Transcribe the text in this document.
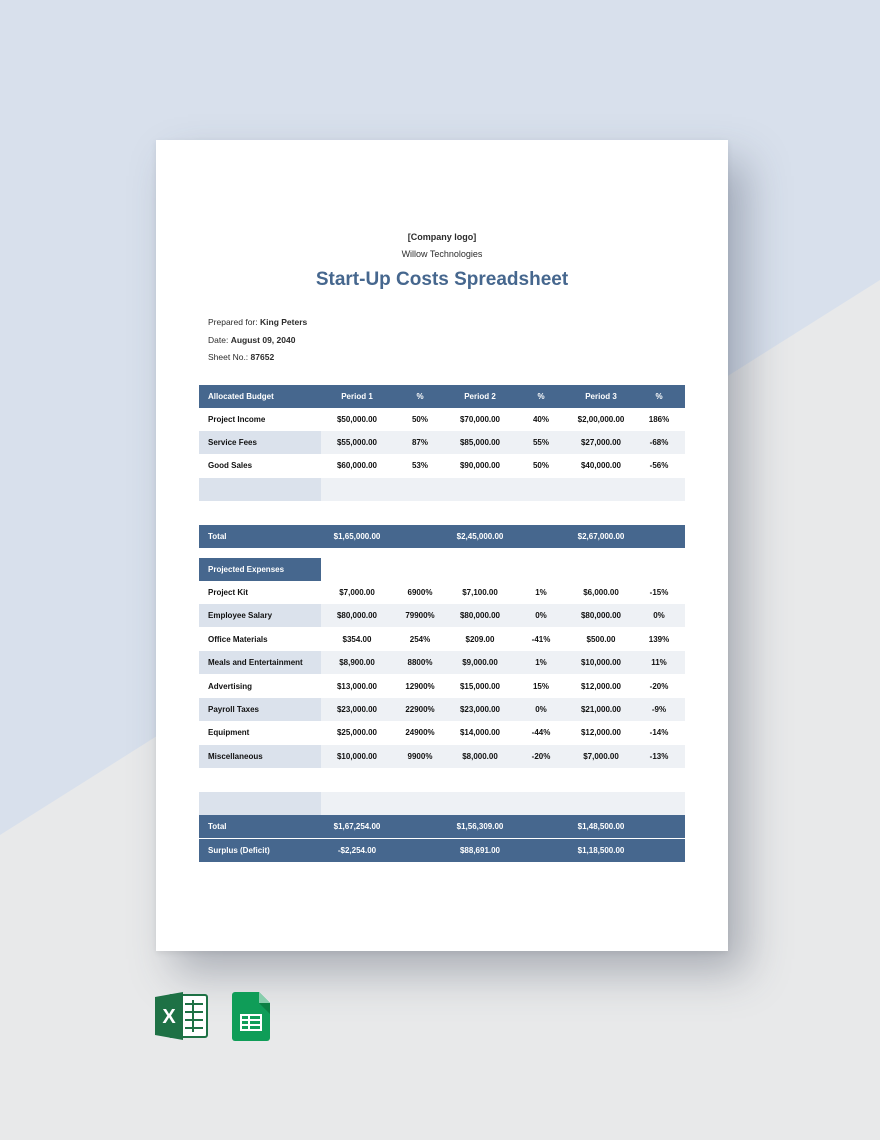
[Company logo]
Willow Technologies
Start-Up Costs Spreadsheet
Prepared for: King Peters
Date: August 09, 2040
Sheet No.: 87652
Allocated Budget	Period 1	%	Period 2	%	Period 3	%
Project Income	$50,000.00	50%	$70,000.00	40%	$2,00,000.00	186%
Service Fees	$55,000.00	87%	$85,000.00	55%	$27,000.00	-68%
Good Sales	$60,000.00	53%	$90,000.00	50%	$40,000.00	-56%
Total	$1,65,000.00	$2,45,000.00	$2,67,000.00
Projected Expenses
Project Kit	$7,000.00	6900%	$7,100.00	1%	$6,000.00	-15%
Employee Salary	$80,000.00	79900%	$80,000.00	0%	$80,000.00	0%
Office Materials	$354.00	254%	$209.00	-41%	$500.00	139%
Meals and Entertainment	$8,900.00	8800%	$9,000.00	1%	$10,000.00	11%
Advertising	$13,000.00	12900%	$15,000.00	15%	$12,000.00	-20%
Payroll Taxes	$23,000.00	22900%	$23,000.00	0%	$21,000.00	-9%
Equipment	$25,000.00	24900%	$14,000.00	-44%	$12,000.00	-14%
Miscellaneous	$10,000.00	9900%	$8,000.00	-20%	$7,000.00	-13%
Total	$1,67,254.00	$1,56,309.00	$1,48,500.00
Surplus (Deficit)	-$2,254.00	$88,691.00	$1,18,500.00
X
